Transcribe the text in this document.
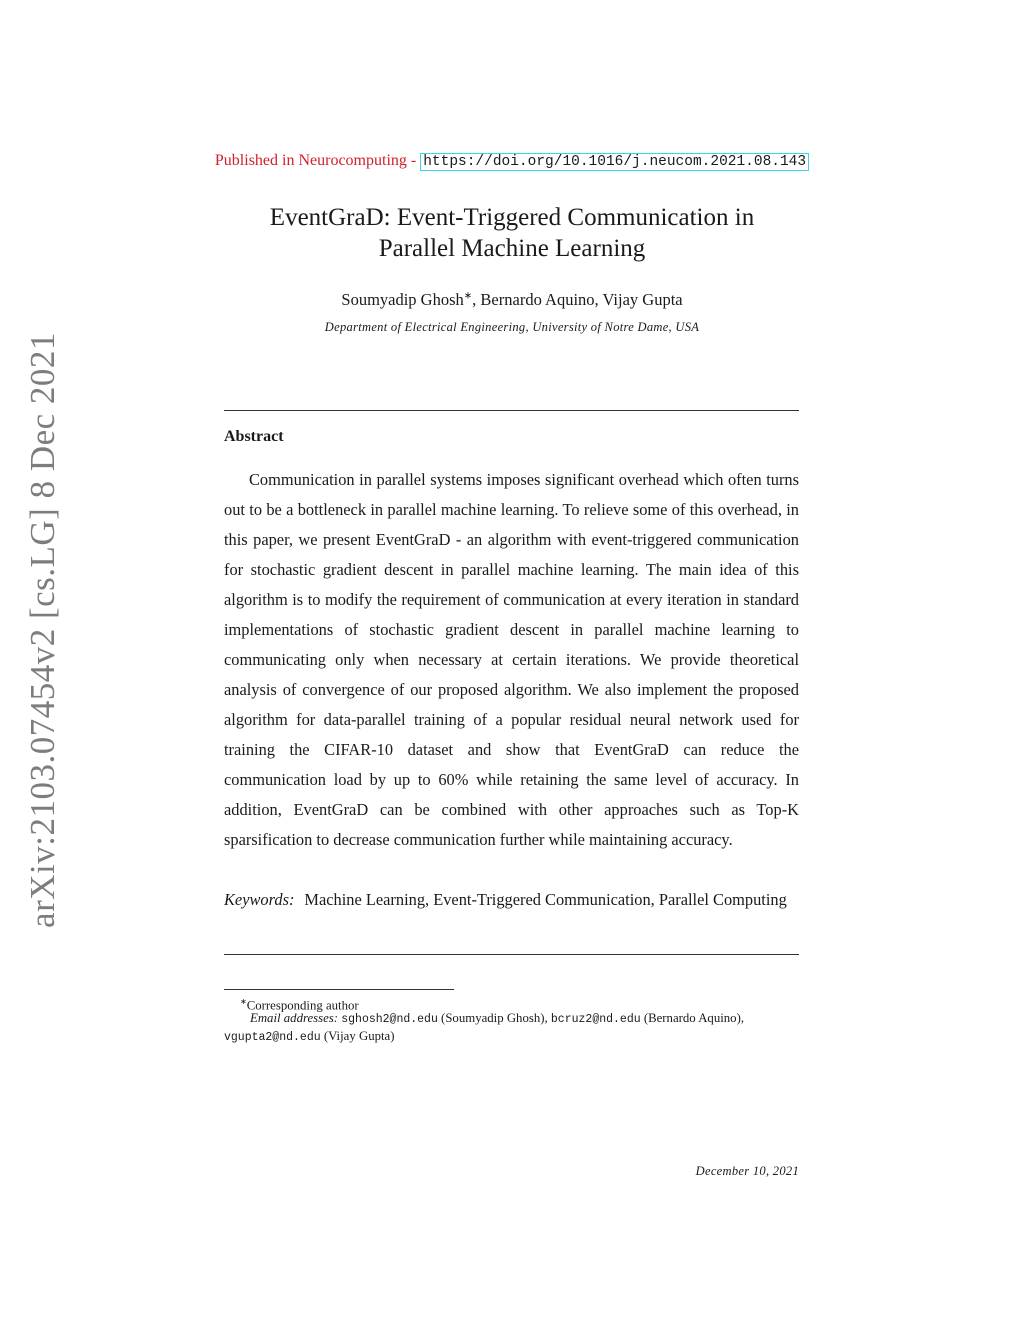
Published in Neurocomputing - https://doi.org/10.1016/j.neucom.2021.08.143
arXiv:2103.07454v2 [cs.LG] 8 Dec 2021
EventGraD: Event-Triggered Communication in
Parallel Machine Learning
Soumyadip Ghosh∗, Bernardo Aquino, Vijay Gupta
Department of Electrical Engineering, University of Notre Dame, USA
Abstract

Communication in parallel systems imposes significant overhead which often turns out to be a bottleneck in parallel machine learning. To relieve some of this overhead, in this paper, we present EventGraD - an algorithm with event-triggered communication for stochastic gradient descent in parallel machine learning. The main idea of this algorithm is to modify the requirement of communication at every iteration in standard implementations of stochastic gradient descent in parallel machine learning to communicating only when necessary at certain iterations. We provide theoretical analysis of convergence of our proposed algorithm. We also implement the proposed algorithm for data-parallel training of a popular residual neural network used for training the CIFAR-10 dataset and show that EventGraD can reduce the communication load by up to 60% while retaining the same level of accuracy. In addition, EventGraD can be combined with other approaches such as Top-K sparsification to decrease communication further while maintaining accuracy.

Keywords: Machine Learning, Event-Triggered Communication, Parallel Computing
∗Corresponding author
Email addresses: sghosh2@nd.edu (Soumyadip Ghosh), bcruz2@nd.edu (Bernardo Aquino), vgupta2@nd.edu (Vijay Gupta)
December 10, 2021
